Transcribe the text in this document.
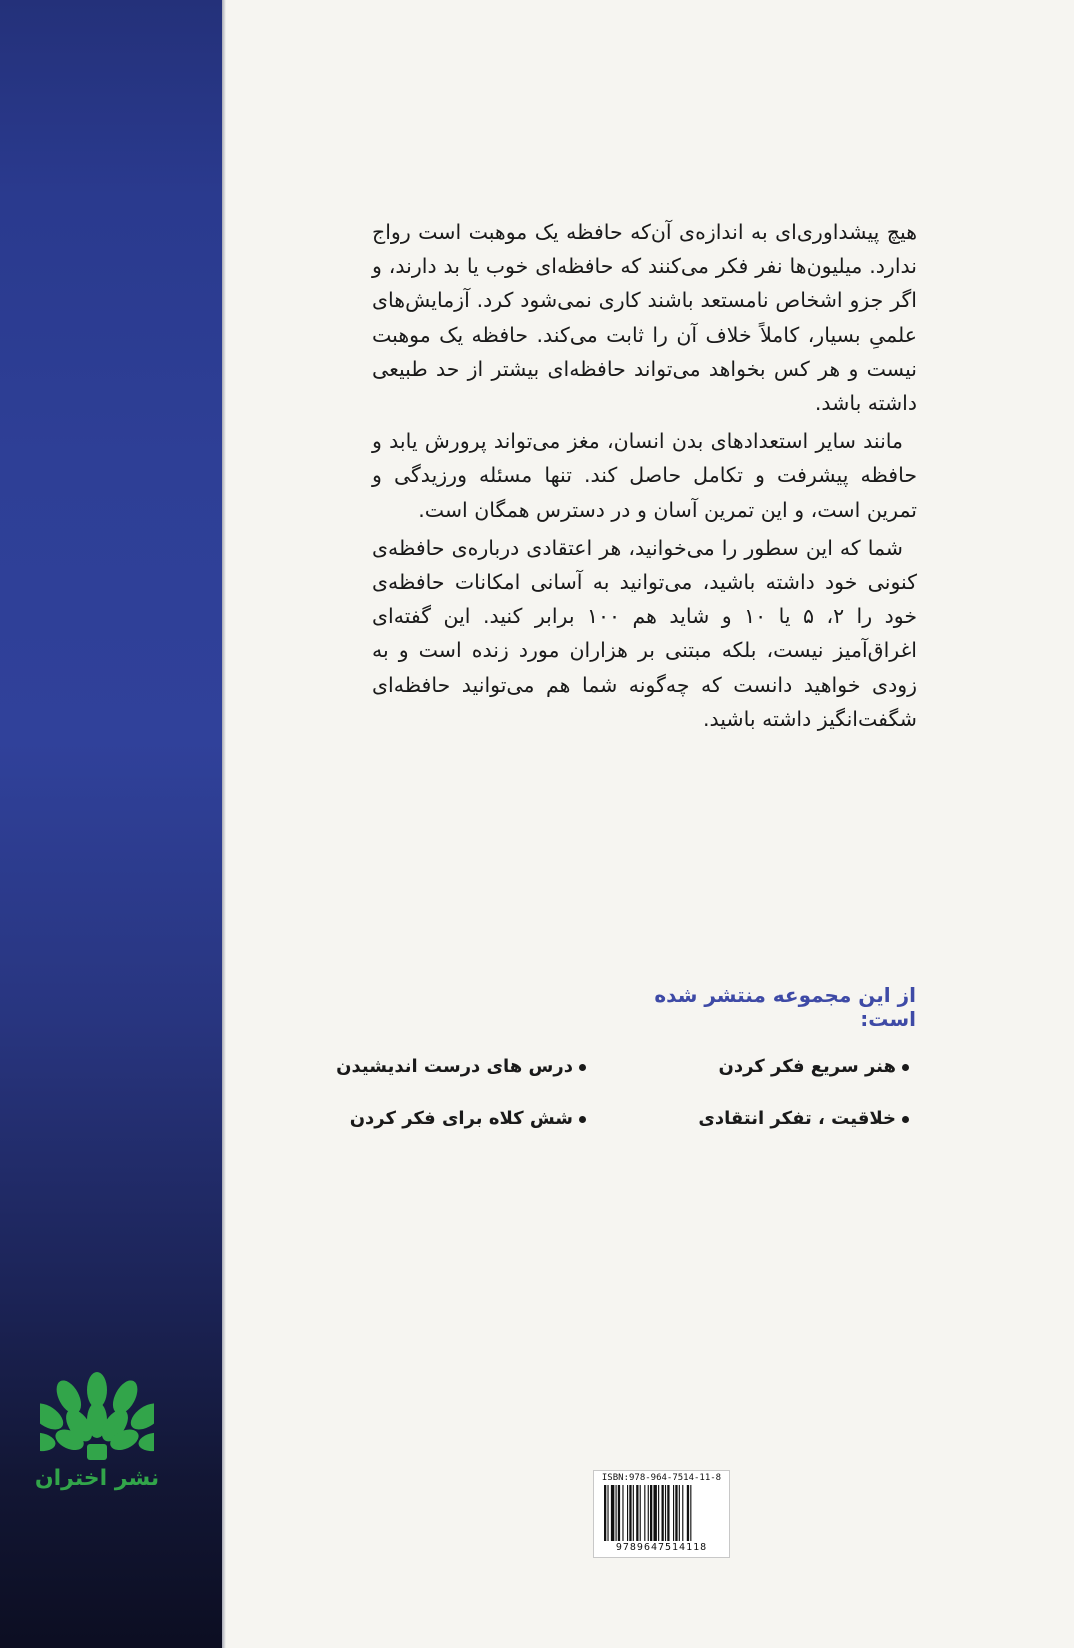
نشر اختران

هیچ پیشداوری‌ای به اندازه‌ی آن‌که حافظه یک موهبت است رواج ندارد. میلیون‌ها نفر فکر می‌کنند که حافظه‌ای خوب یا بد دارند، و اگر جزو اشخاص نامستعد باشند کاری نمی‌شود کرد. آزمایش‌های علمی‌ِ بسیار، کاملاً خلاف آن را ثابت می‌کند. حافظه یک موهبت نیست و هر کس بخواهد می‌تواند حافظه‌ای بیشتر از حد طبیعی داشته باشد.

مانند سایر استعدادهای بدن انسان، مغز می‌تواند پرورش یابد و حافظه پیشرفت و تکامل حاصل کند. تنها مسئله ورزیدگی و تمرین است، و این تمرین آسان و در دسترس همگان است.

شما که این سطور را می‌خوانید، هر اعتقادی درباره‌ی حافظه‌ی کنونی خود داشته باشید، می‌توانید به آسانی امکانات حافظه‌ی خود را ۲، ۵ یا ۱۰ و شاید هم ۱۰۰ برابر کنید. این گفته‌ای اغراق‌آمیز نیست، بلکه مبتنی بر هزاران مورد زنده است و به زودی خواهید دانست که چه‌گونه شما هم می‌توانید حافظه‌ای شگفت‌انگیز داشته باشید.

از این مجموعه منتشر شده است:
هنر سریع فکر کردن
درس های درست اندیشیدن
خلاقیت ، تفکر انتقادی
شش کلاه برای فکر کردن
ISBN:978-964-7514-11-8
9789647514118
